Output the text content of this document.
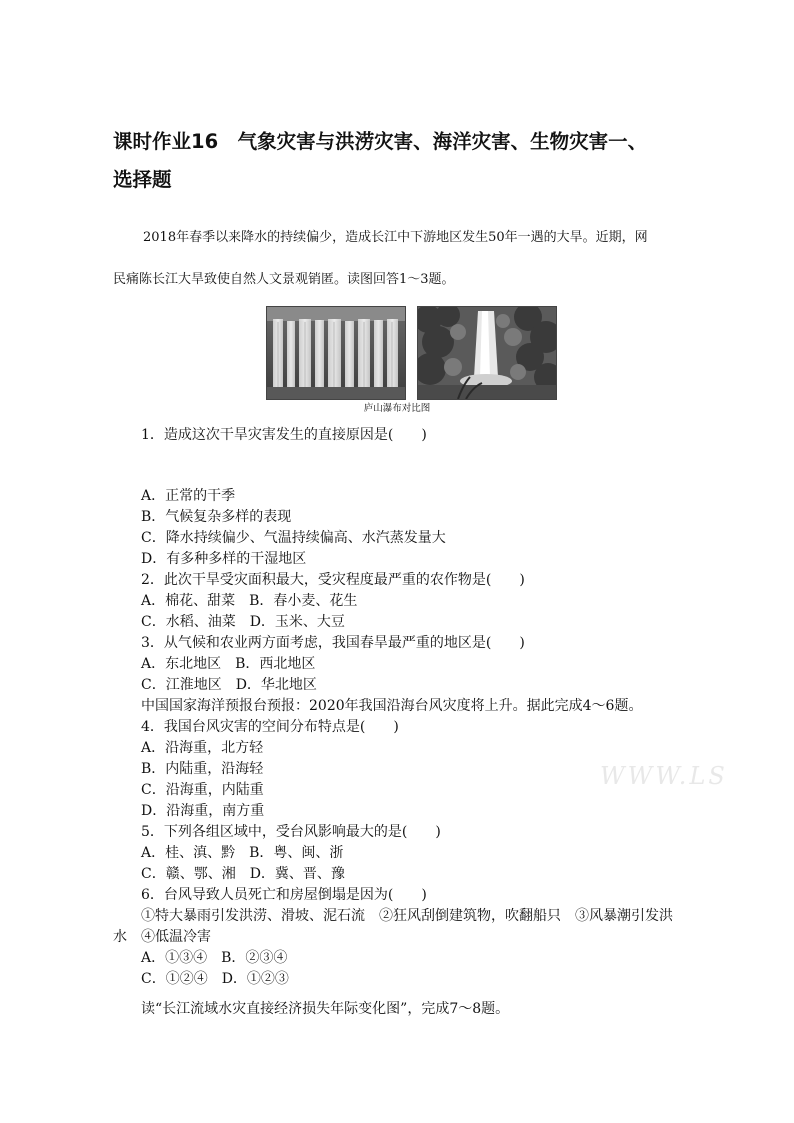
课时作业16　气象灾害与洪涝灾害、海洋灾害、生物灾害一、
选择题
2018年春季以来降水的持续偏少，造成长江中下游地区发生50年一遇的大旱。近期，网
民痛陈长江大旱致使自然人文景观销匿。读图回答1～3题。
庐山瀑布对比图
1．造成这次干旱灾害发生的直接原因是(　　)
A．正常的干季
B．气候复杂多样的表现
C．降水持续偏少、气温持续偏高、水汽蒸发量大
D．有多种多样的干湿地区
2．此次干旱受灾面积最大，受灾程度最严重的农作物是(　　)
A．棉花、甜菜　B．春小麦、花生
C．水稻、油菜　D．玉米、大豆
3．从气候和农业两方面考虑，我国春旱最严重的地区是(　　)
A．东北地区　B．西北地区
C．江淮地区　D．华北地区
中国国家海洋预报台预报：2020年我国沿海台风灾度将上升。据此完成4～6题。
4．我国台风灾害的空间分布特点是(　　)
A．沿海重，北方轻
B．内陆重，沿海轻
C．沿海重，内陆重
D．沿海重，南方重
5．下列各组区域中，受台风影响最大的是(　　)
A．桂、滇、黔　B．粤、闽、浙
C．赣、鄂、湘　D．冀、晋、豫
6．台风导致人员死亡和房屋倒塌是因为(　　)
①特大暴雨引发洪涝、滑坡、泥石流　②狂风刮倒建筑物，吹翻船只　③风暴潮引发洪
水　④低温冷害
A．①③④　B．②③④
C．①②④　D．①②③
读“长江流域水灾直接经济损失年际变化图”，完成7～8题。
WWW.LS
